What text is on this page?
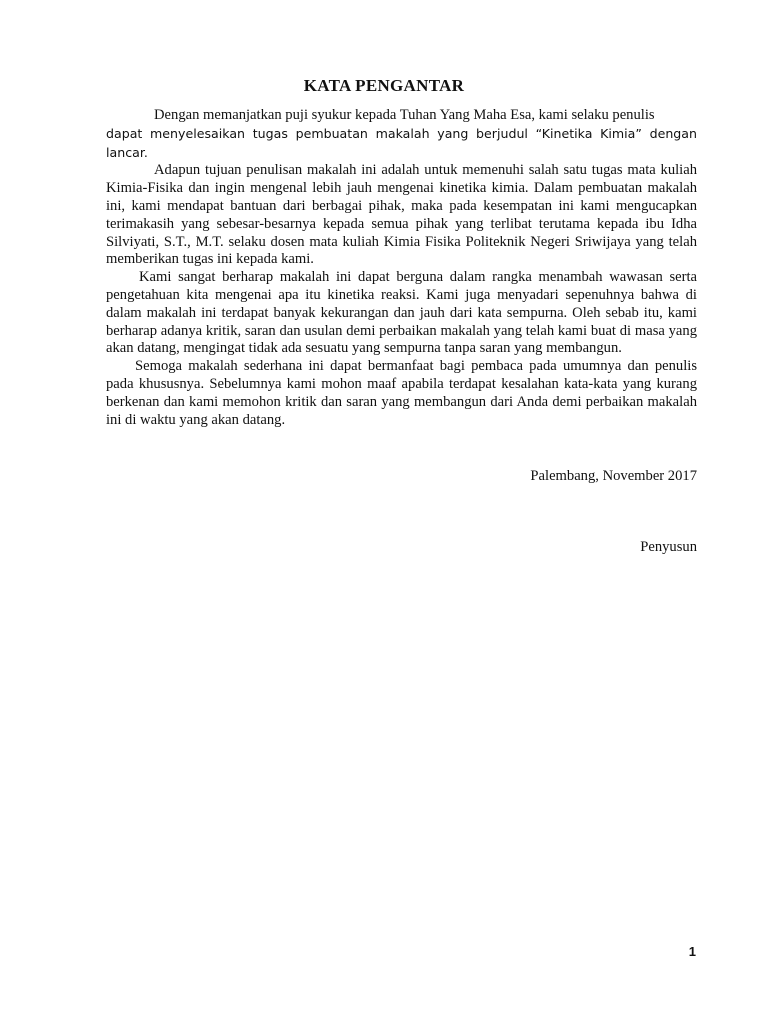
KATA PENGANTAR

Dengan memanjatkan puji syukur kepada Tuhan Yang Maha Esa, kami selaku penulis
dapat menyelesaikan tugas pembuatan makalah yang berjudul “Kinetika Kimia” dengan lancar.

Adapun tujuan penulisan makalah ini adalah untuk memenuhi salah satu tugas mata kuliah Kimia-Fisika dan ingin mengenal lebih jauh mengenai kinetika kimia. Dalam pembuatan makalah ini, kami mendapat bantuan dari berbagai pihak, maka pada kesempatan ini kami mengucapkan terimakasih yang sebesar-besarnya kepada semua pihak yang terlibat terutama kepada ibu Idha Silviyati, S.T., M.T. selaku dosen mata kuliah Kimia Fisika Politeknik Negeri Sriwijaya yang telah memberikan tugas ini kepada kami.

Kami sangat berharap makalah ini dapat berguna dalam rangka menambah wawasan serta pengetahuan kita mengenai apa itu kinetika reaksi. Kami juga menyadari sepenuhnya bahwa di dalam makalah ini terdapat banyak kekurangan dan jauh dari kata sempurna. Oleh sebab itu, kami berharap adanya kritik, saran dan usulan demi perbaikan makalah yang telah kami buat di masa yang akan datang, mengingat tidak ada sesuatu yang sempurna tanpa saran yang membangun.

Semoga makalah sederhana ini dapat bermanfaat bagi pembaca pada umumnya dan penulis pada khususnya. Sebelumnya kami mohon maaf apabila terdapat kesalahan kata-kata yang kurang berkenan dan kami memohon kritik dan saran yang membangun dari Anda demi perbaikan makalah ini di waktu yang akan datang.

Palembang, November 2017
Penyusun
1
